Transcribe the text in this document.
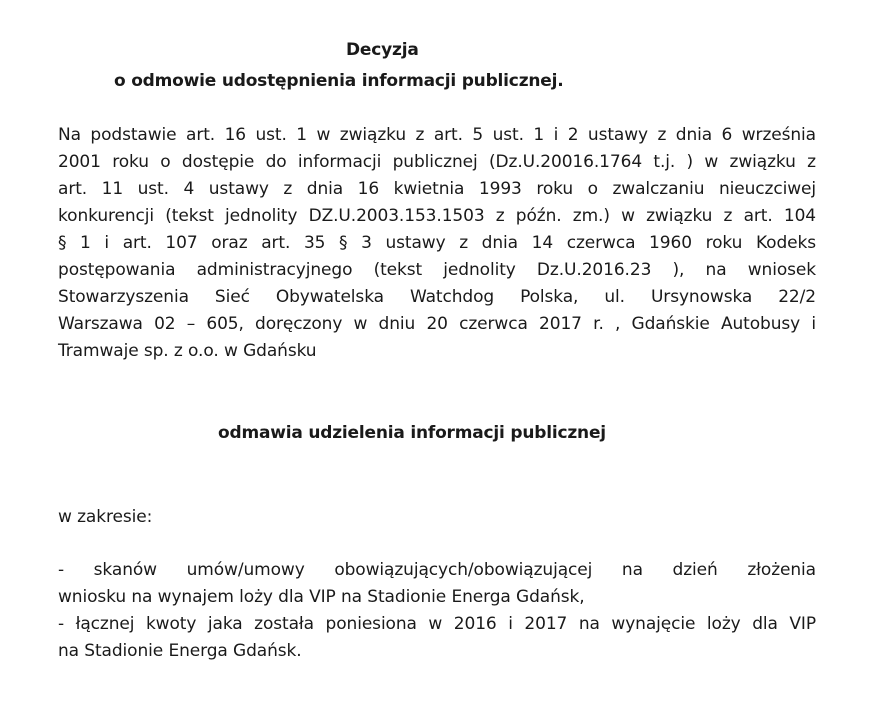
Decyzja
o odmowie udostępnienia informacji publicznej.
Na podstawie art. 16 ust. 1 w związku z art. 5 ust. 1 i 2 ustawy z dnia 6 września
2001 roku o dostępie do informacji publicznej (Dz.U.20016.1764 t.j. ) w związku z
art. 11 ust. 4 ustawy z dnia 16 kwietnia 1993 roku o zwalczaniu nieuczciwej
konkurencji (tekst jednolity DZ.U.2003.153.1503 z późn. zm.) w związku z art. 104
§ 1 i art. 107 oraz art. 35 § 3 ustawy z dnia 14 czerwca 1960 roku Kodeks
postępowania administracyjnego (tekst jednolity Dz.U.2016.23 ), na wniosek
Stowarzyszenia Sieć Obywatelska Watchdog Polska, ul. Ursynowska 22/2
Warszawa 02 – 605, doręczony w dniu 20 czerwca 2017 r. , Gdańskie Autobusy i
Tramwaje sp. z o.o. w Gdańsku
odmawia udzielenia informacji publicznej
w zakresie:
- skanów umów/umowy obowiązujących/obowiązującej na dzień złożenia
wniosku na wynajem loży dla VIP na Stadionie Energa Gdańsk,
- łącznej kwoty jaka została poniesiona w 2016 i 2017 na wynajęcie loży dla VIP
na Stadionie Energa Gdańsk.
